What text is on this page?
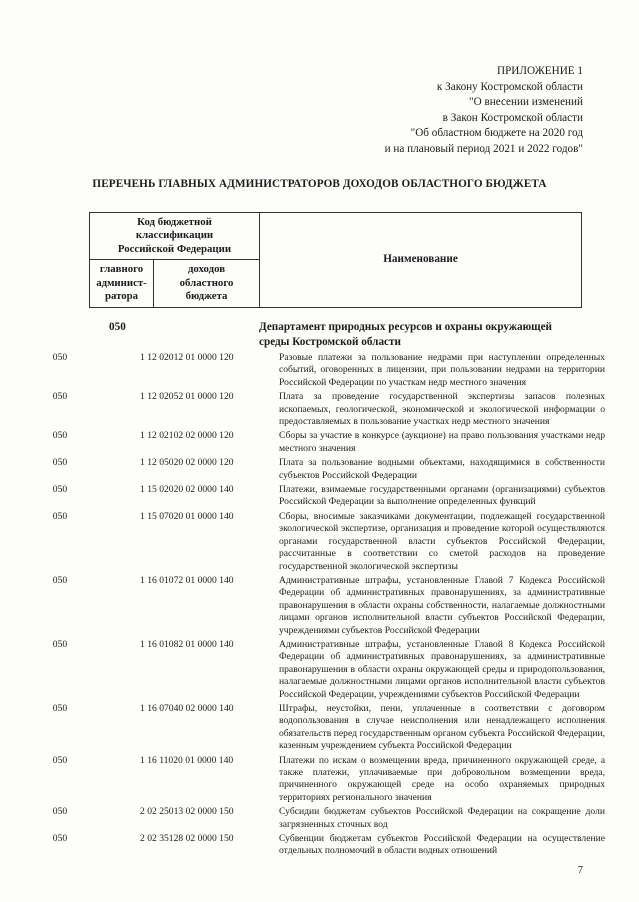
ПРИЛОЖЕНИЕ 1
к Закону Костромской области
"О внесении изменений
в Закон Костромской области
"Об областном бюджете на 2020 год
и на плановый период 2021 и 2022 годов"
ПЕРЕЧЕНЬ ГЛАВНЫХ АДМИНИСТРАТОРОВ ДОХОДОВ ОБЛАСТНОГО БЮДЖЕТА
Код бюджетной классификации Российской Федерации		Наименование
главного админист-ратора	доходов областного бюджета	
050	Департамент природных ресурсов и охраны окружающей среды Костромской области
050	1 12 02012 01 0000 120	Разовые платежи за пользование недрами при наступлении определенных событий, оговоренных в лицензии, при пользовании недрами на территории Российской Федерации по участкам недр местного значения
050	1 12 02052 01 0000 120	Плата за проведение государственной экспертизы запасов полезных ископаемых, геологической, экономической и экологической информации о предоставляемых в пользование участках недр местного значения
050	1 12 02102 02 0000 120	Сборы за участие в конкурсе (аукционе) на право пользования участками недр местного значения
050	1 12 05020 02 0000 120	Плата за пользование водными объектами, находящимися в собственности субъектов Российской Федерации
050	1 15 02020 02 0000 140	Платежи, взимаемые государственными органами (организациями) субъектов Российской Федерации за выполнение определенных функций
050	1 15 07020 01 0000 140	Сборы, вносимые заказчиками документации, подлежащей государственной экологической экспертизе, организация и проведение которой осуществляются органами государственной власти субъектов Российской Федерации, рассчитанные в соответствии со сметой расходов на проведение государственной экологической экспертизы
050	1 16 01072 01 0000 140	Административные штрафы, установленные Главой 7 Кодекса Российской Федерации об административных правонарушениях, за административные правонарушения в области охраны собственности, налагаемые должностными лицами органов исполнительной власти субъектов Российской Федерации, учреждениями субъектов Российской Федерации
050	1 16 01082 01 0000 140	Административные штрафы, установленные Главой 8 Кодекса Российской Федерации об административных правонарушениях, за административные правонарушения в области охраны окружающей среды и природопользования, налагаемые должностными лицами органов исполнительной власти субъектов Российской Федерации, учреждениями субъектов Российской Федерации
050	1 16 07040 02 0000 140	Штрафы, неустойки, пени, уплаченные в соответствии с договором водопользования в случае неисполнения или ненадлежащего исполнения обязательств перед государственным органом субъекта Российской Федерации, казенным учреждением субъекта Российской Федерации
050	1 16 11020 01 0000 140	Платежи по искам о возмещении вреда, причиненного окружающей среде, а также платежи, уплачиваемые при добровольном возмещении вреда, причиненного окружающей среде на особо охраняемых природных территориях регионального значения
050	2 02 25013 02 0000 150	Субсидии бюджетам субъектов Российской Федерации на сокращение доли загрязненных сточных вод
050	2 02 35128 02 0000 150	Субвенции бюджетам субъектов Российской Федерации на осуществление отдельных полномочий в области водных отношений
7
